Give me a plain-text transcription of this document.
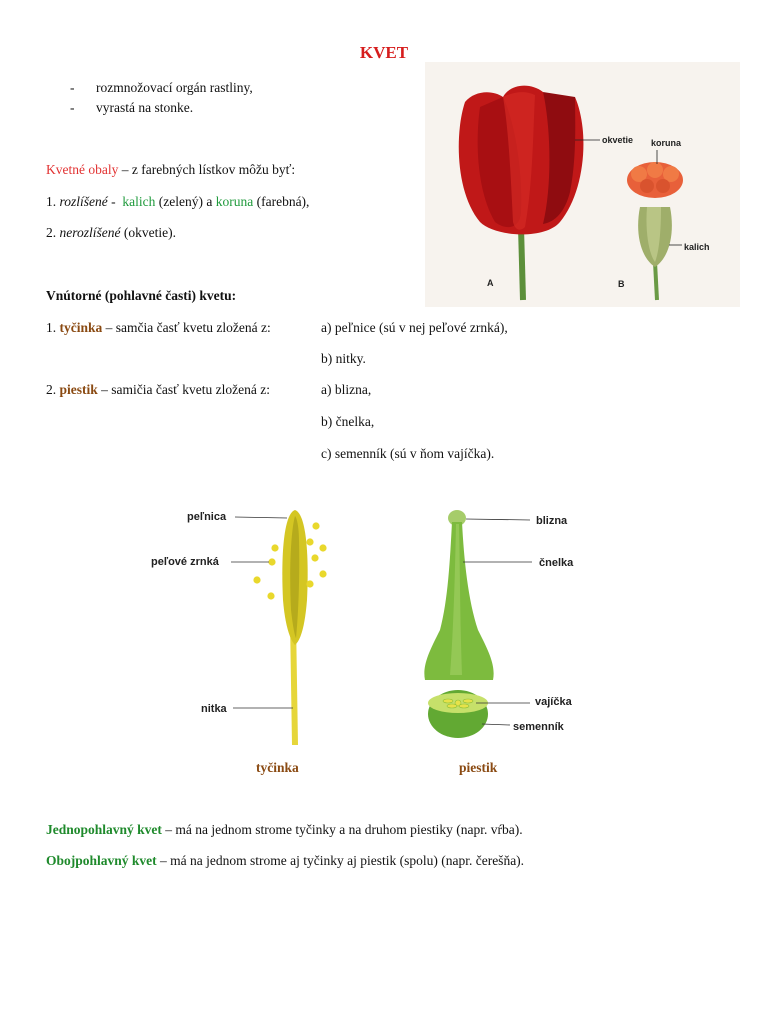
KVET
- rozmnožovací orgán rastliny,
- vyrastá na stonke.
Kvetné obaly – z farebných lístkov môžu byť:
1. rozlíšené -  kalich (zelený) a koruna (farebná),
2. nerozlíšené (okvetie).
okvetie
A
koruna
kalich
B
Vnútorné (pohlavné časti) kvetu:
1. tyčinka – samčia časť kvetu zložená z:	a) peľnice (sú v nej peľové zrnká),
b) nitky.
2. piestik – samičia časť kvetu zložená z:	a) blizna,
b) čnelka,
c) semenník (sú v ňom vajíčka).
peľnica
peľové zrnká
nitka
blizna
čnelka
vajíčka
semenník
tyčinka	piestik
Jednopohlavný kvet – má na jednom strome tyčinky a na druhom piestiky (napr. vŕba).
Obojpohlavný kvet – má na jednom strome aj tyčinky aj piestik (spolu) (napr. čerešňa).
